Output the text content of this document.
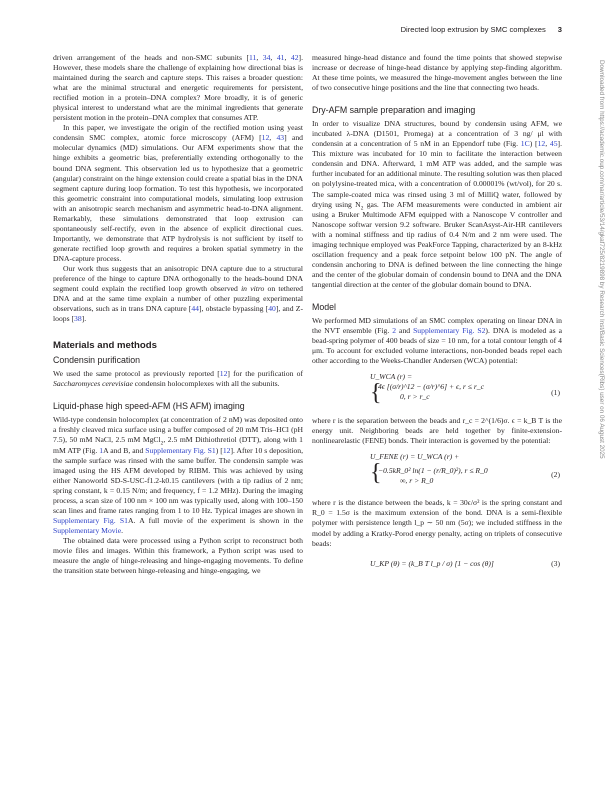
Directed loop extrusion by SMC complexes 3
Downloaded from https://academic.oup.com/nar/article/53/14/gkaf725/8219898 by Research Inst/Basic Sciences(Ribs) user on 06 August 2025

driven arrangement of the heads and non-SMC subunits [11, 34, 41, 42]. However, these models share the challenge of explaining how directional bias is maintained during the search and capture steps. This raises a broader question: what are the minimal structural and energetic requirements for persistent, rectified motion in a protein–DNA complex? More broadly, it is of generic physical interest to understand what are the minimal ingredients that generate persistent motion in the protein–DNA complex that consumes ATP.

In this paper, we investigate the origin of the rectified motion using yeast condensin SMC complex, atomic force microscopy (AFM) [12, 43] and molecular dynamics (MD) simulations. Our AFM experiments show that the hinge exhibits a geometric bias, preferentially extending orthogonally to the bound DNA segment. This observation led us to hypothesize that a geometric (angular) constraint on the hinge extension could create a spatial bias in the DNA segment capture during loop formation. To test this hypothesis, we incorporated this geometric constraint into computational models, simulating loop extrusion with an anisotropic search mechanism and asymmetric head-to-DNA alignment. Remarkably, these simulations demonstrated that loop extrusion can spontaneously self-rectify, even in the absence of explicit directional cues. Importantly, we demonstrate that ATP hydrolysis is not sufficient by itself to generate rectified loop growth and requires a broken spatial symmetry in the DNA-capture process.

Our work thus suggests that an anisotropic DNA capture due to a structural preference of the hinge to capture DNA orthogonally to the heads-bound DNA segment could explain the rectified loop growth observed in vitro on tethered DNA and at the same time explain a number of other puzzling experimental observations, such as in trans DNA capture [44], obstacle bypassing [40], and Z-loops [38].

Materials and methods
Condensin purification

We used the same protocol as previously reported [12] for the purification of Saccharomyces cerevisiae condensin holocomplexes with all the subunits.

Liquid-phase high speed-AFM (HS AFM) imaging

Wild-type condensin holocomplex (at concentration of 2 nM) was deposited onto a freshly cleaved mica surface using a buffer composed of 20 mM Tris–HCl (pH 7.5), 50 mM NaCl, 2.5 mM MgCl$_2$, 2.5 mM Dithiothretiol (DTT), along with 1 mM ATP (Fig. 1A and B, and Supplementary Fig. S1) [12]. After 10 s deposition, the sample surface was rinsed with the same buffer. The condensin sample was imaged using the HS AFM developed by RIBM. This was achieved by using either Nanoworld SD-S-USC-f1.2-k0.15 cantilevers (with a tip radius of 2 nm; spring constant, k = 0.15 N/m; and frequency, f = 1.2 MHz). During the imaging process, a scan size of 100 nm × 100 nm was typically used, along with 100–150 scan lines and frame rates ranging from 1 to 10 Hz. Typical images are shown in Supplementary Fig. S1A. A full movie of the experiment is shown in the Supplementary Movie.

The obtained data were processed using a Python script to reconstruct both movie files and images. Within this framework, a Python script was used to measure the angle of hinge-releasing and hinge-engaging movements. To define the transition state between hinge-releasing and hinge-engaging, we

measured hinge-head distance and found the time points that showed stepwise increase or decrease of hinge-head distance by applying step-finding algorithm. At these time points, we measured the hinge-movement angles between the line of two consecutive hinge positions and the line that connecting two heads.

Dry-AFM sample preparation and imaging

In order to visualize DNA structures, bound by condensin using AFM, we incubated λ-DNA (D1501, Promega) at a concentration of 3 ng/ μl with condensin at a concentration of 5 nM in an Eppendorf tube (Fig. 1C) [12, 45]. This mixture was incubated for 10 min to facilitate the interaction between condensin and DNA. Afterward, 1 mM ATP was added, and the sample was further incubated for an additional minute. The resulting solution was then placed on polylysine-treated mica, with a concentration of 0.00001% (wt/vol), for 20 s. The sample-coated mica was rinsed using 3 ml of MilliQ water, followed by drying using $N_2$ gas. The AFM measurements were conducted in ambient air using a Bruker Multimode AFM equipped with a Nanoscope V controller and Nanoscope softwar version 9.2 software. Bruker ScanAsyst-Air-HR cantilevers with a nominal stiffness and tip radius of 0.4 N/m and 2 nm were used. The imaging technique employed was PeakForce Tapping, characterized by an 8-kHz oscillation frequency and a peak force setpoint below 100 pN. The angle of condensin anchoring to DNA is defined between the line connecting the hinge and the center of the globular domain of condensin bound to DNA and the DNA tangential direction at the center of the globular domain bound to DNA.

Model

We performed MD simulations of an SMC complex operating on linear DNA in the NVT ensemble (Fig. 2 and Supplementary Fig. S2). DNA is modeled as a bead-spring polymer of 400 beads of size = 10 nm, for a total contour length of 4 μm. To account for excluded volume interactions, non-bonded beads repel each other according to the Weeks-Chandler Andersen (WCA) potential:

U_WCA (r) =
{
4ϵ [(σ/r)^12 − (σ/r)^6] + ϵ, r ≤ r_c
0, r > r_c	(1)

where r is the separation between the beads and r_c = 2^(1/6)σ. ϵ = k_B T is the energy unit. Neighboring beads are held together by finite-extension-nonlinearelastic (FENE) bonds. Their interaction is governed by the potential:

U_FENE (r) = U_WCA (r) +
{
−0.5kR_0² ln(1 − (r/R_0)²), r ≤ R_0
∞, r > R_0
(2)

where r is the distance between the beads, k = 30ϵ/σ² is the spring constant and R_0 = 1.5σ is the maximum extension of the bond. DNA is a semi-flexible polymer with persistence length l_p ∼ 50 nm (5σ); we included stiffness in the model by adding a Kratky-Porod energy penalty, acting on triplets of consecutive beads:

U_KP (θ) = (k_B T l_p / σ) [1 − cos (θ)]	(3)
